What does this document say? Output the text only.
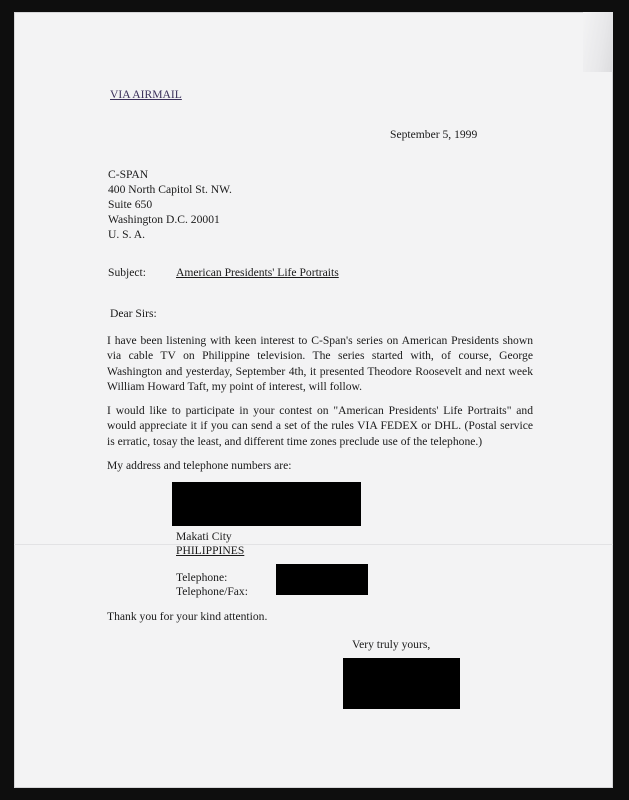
VIA AIRMAIL
September 5, 1999
C-SPAN
400 North Capitol St. NW.
Suite 650
Washington D.C. 20001
U. S. A.
Subject:	American Presidents' Life Portraits
Dear Sirs:
I have been listening with keen interest to C-Span's series on American Presidents shown via cable TV on Philippine television. The series started with, of course, George Washington and yesterday, September 4th, it presented Theodore Roosevelt and next week William Howard Taft, my point of interest, will follow.
I would like to participate in your contest on "American Presidents' Life Portraits" and would appreciate it if you can send a set of the rules VIA FEDEX or DHL. (Postal service is erratic, tosay the least, and different time zones preclude use of the telephone.)
My address and telephone numbers are:
Makati City
PHILIPPINES
Telephone:
Telephone/Fax:
Thank you for your kind attention.
Very truly yours,
